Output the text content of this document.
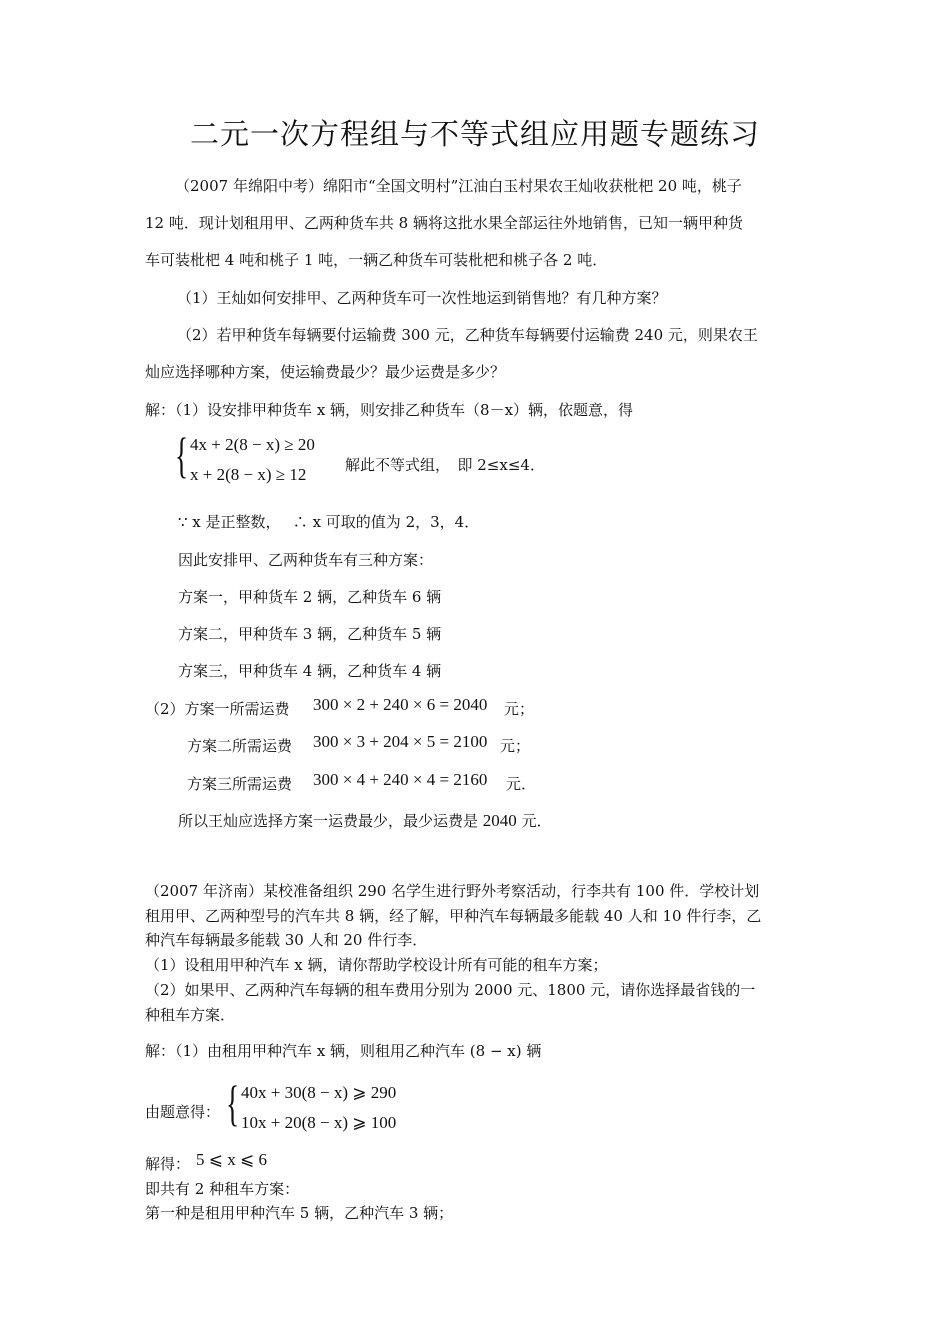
二元一次方程组与不等式组应用题专题练习
（2007 年绵阳中考）绵阳市“全国文明村”江油白玉村果农王灿收获枇杷 20 吨，桃子
12 吨．现计划租用甲、乙两种货车共 8 辆将这批水果全部运往外地销售，已知一辆甲种货
车可装枇杷 4 吨和桃子 1 吨，一辆乙种货车可装枇杷和桃子各 2 吨．
（1）王灿如何安排甲、乙两种货车可一次性地运到销售地？有几种方案？
（2）若甲种货车每辆要付运输费 300 元，乙种货车每辆要付运输费 240 元，则果农王
灿应选择哪种方案，使运输费最少？最少运费是多少？
解：（1）设安排甲种货车 x 辆，则安排乙种货车（8－x）辆，依题意，得
{ 4x + 2(8 − x) ≥ 20
x + 2(8 − x) ≥ 12	解此不等式组，　即 2≤x≤4．
∵ x 是正整数，　 ∴ x 可取的值为 2，3，4．
因此安排甲、乙两种货车有三种方案：
方案一，甲种货车 2 辆，乙种货车 6 辆
方案二，甲种货车 3 辆，乙种货车 5 辆
方案三，甲种货车 4 辆，乙种货车 4 辆
（2）方案一所需运费 300 × 2 + 240 × 6 = 2040 元；
方案二所需运费 300 × 3 + 204 × 5 = 2100 元；
方案三所需运费 300 × 4 + 240 × 4 = 2160 元．
所以王灿应选择方案一运费最少，最少运费是 2040 元．
（2007 年济南）某校准备组织 290 名学生进行野外考察活动，行李共有 100 件．学校计划
租用甲、乙两种型号的汽车共 8 辆，经了解，甲种汽车每辆最多能载 40 人和 10 件行李，乙
种汽车每辆最多能载 30 人和 20 件行李．
（1）设租用甲种汽车 x 辆，请你帮助学校设计所有可能的租车方案；
（2）如果甲、乙两种汽车每辆的租车费用分别为 2000 元、1800 元，请你选择最省钱的一
种租车方案．
解：（1）由租用甲种汽车 x 辆，则租用乙种汽车 (8 − x) 辆
由题意得： { 40x + 30(8 − x) ⩾ 290
10x + 20(8 − x) ⩾ 100
解得： 5 ⩽ x ⩽ 6
即共有 2 种租车方案：
第一种是租用甲种汽车 5 辆，乙种汽车 3 辆；
